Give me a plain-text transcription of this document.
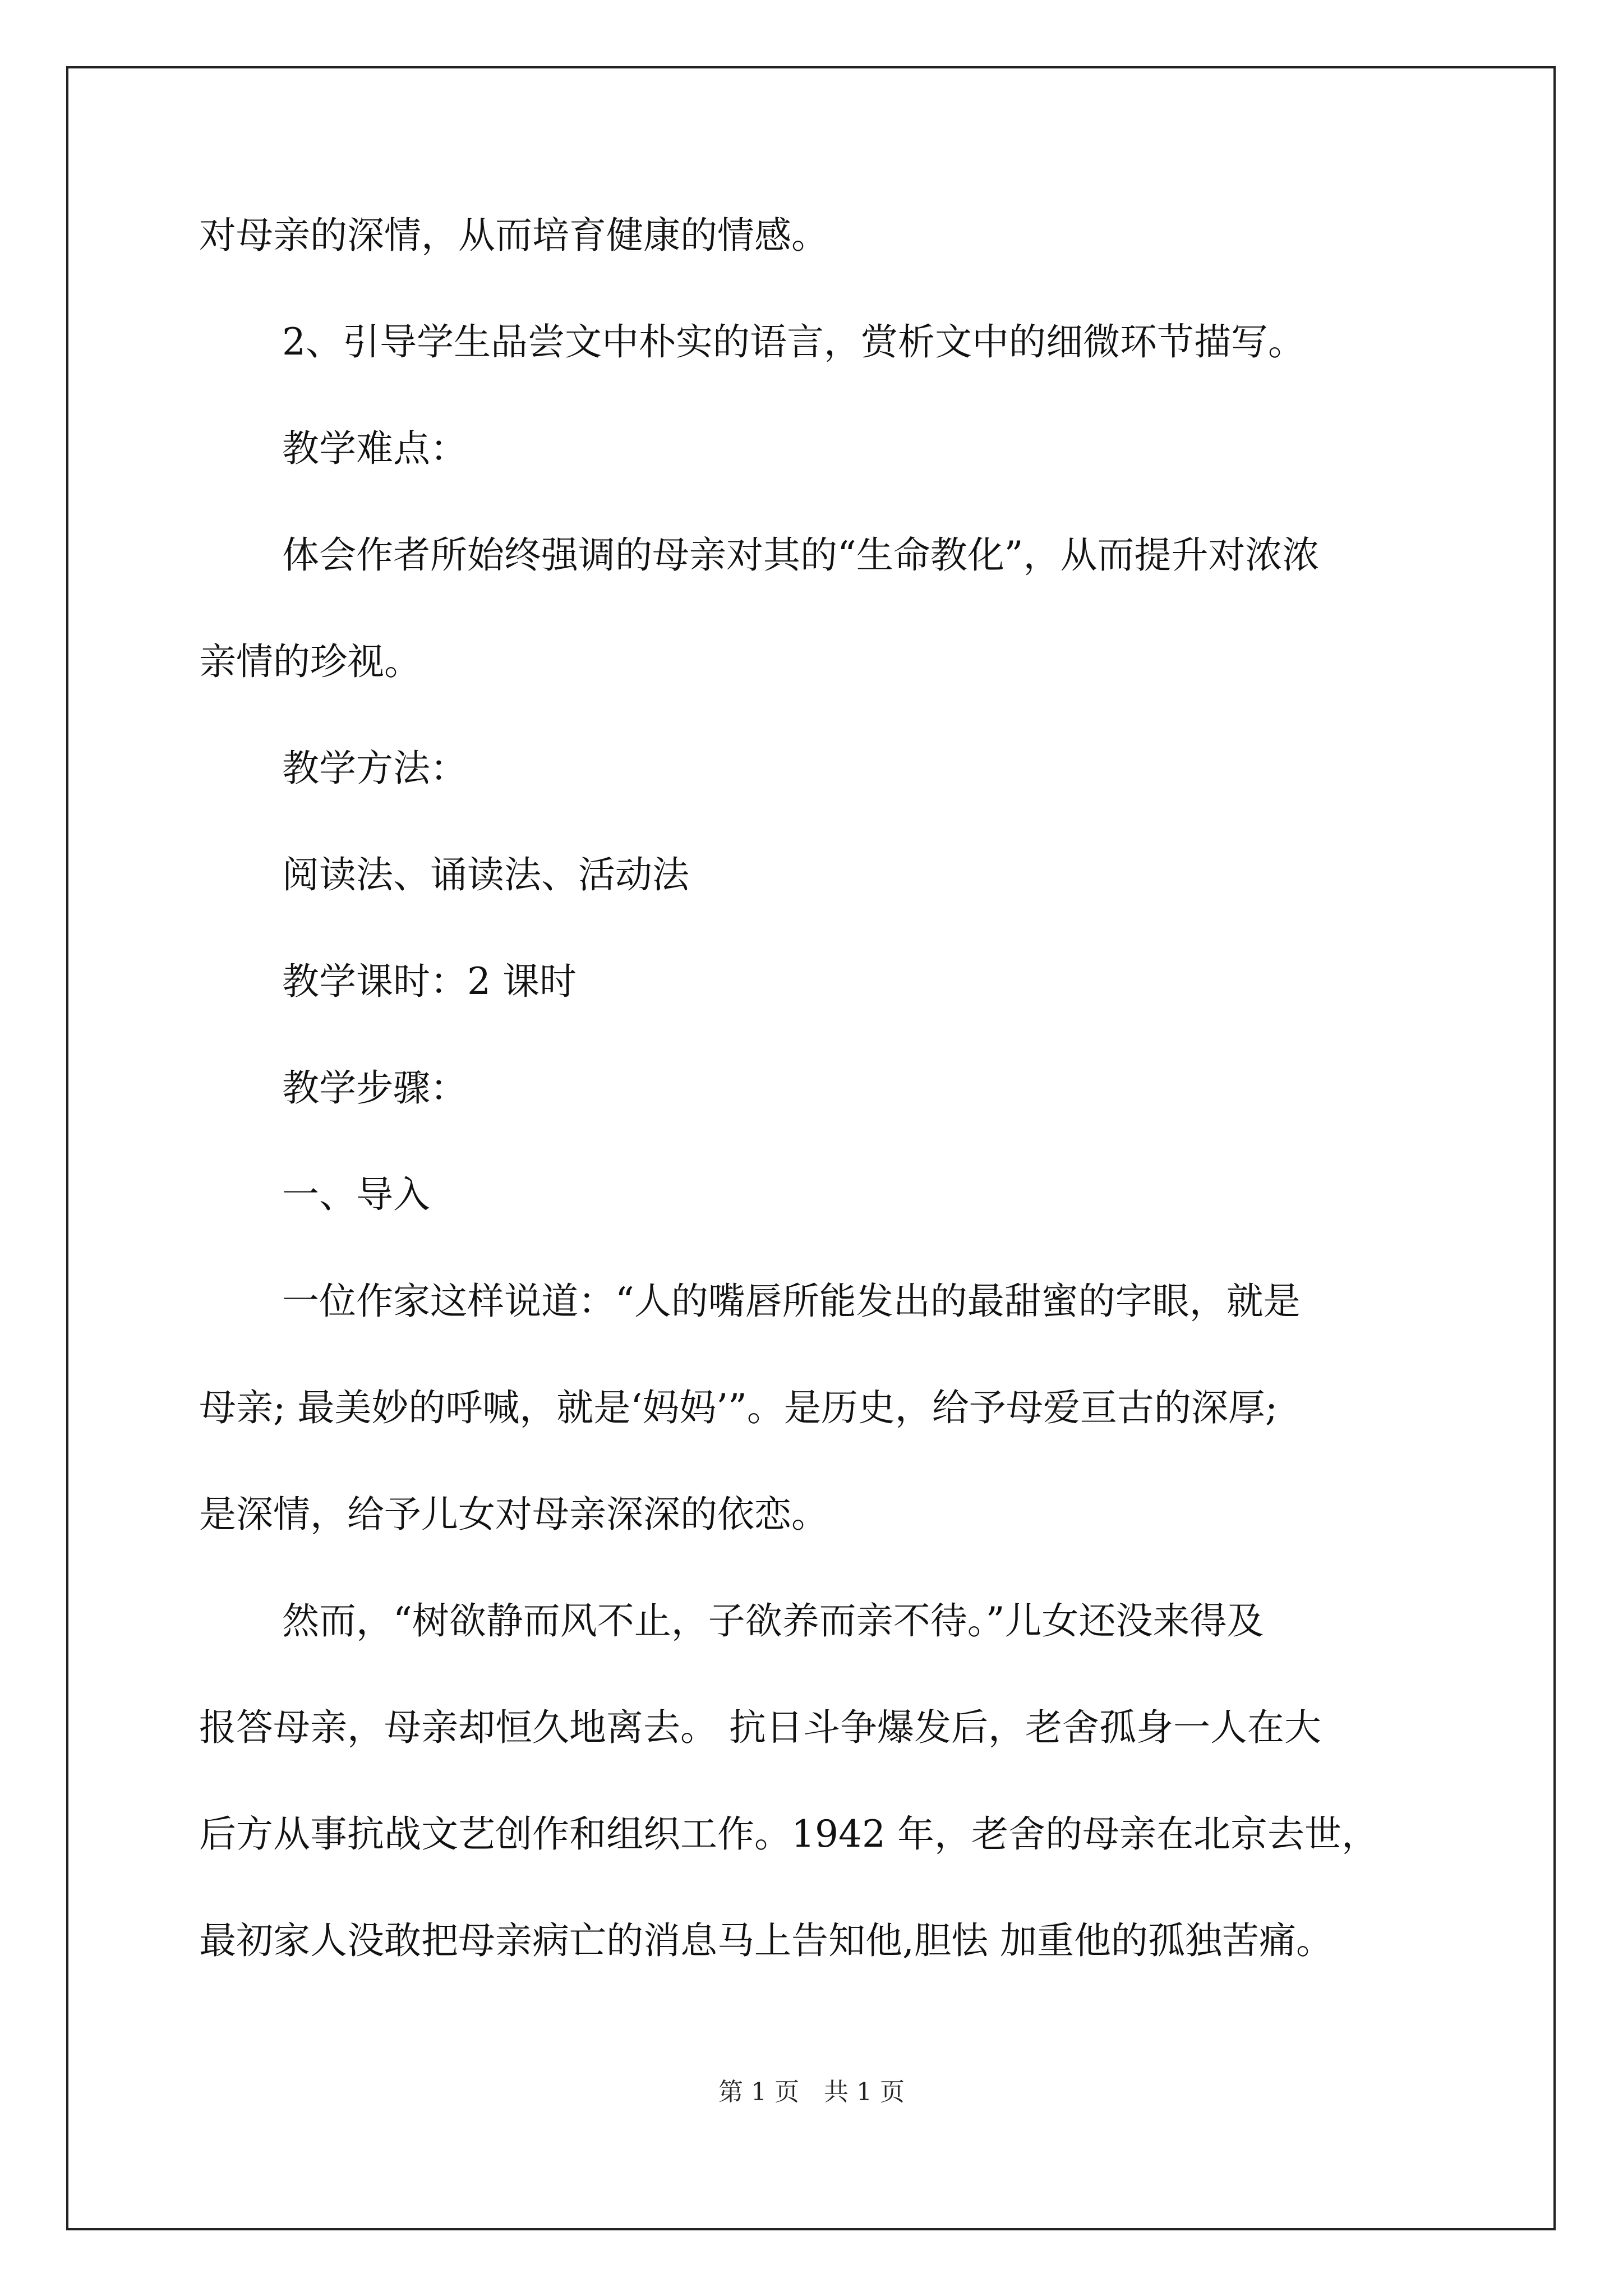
对母亲的深情，从而培育健康的情感。
2、引导学生品尝文中朴实的语言，赏析文中的细微环节描写。
教学难点：
体会作者所始终强调的母亲对其的“生命教化”，从而提升对浓浓
亲情的珍视。
教学方法：
阅读法、诵读法、活动法
教学课时：2 课时
教学步骤：
一、导入
一位作家这样说道：“人的嘴唇所能发出的最甜蜜的字眼，就是
母亲; 最美妙的呼喊，就是‘妈妈’”。是历史，给予母爱亘古的深厚;
是深情，给予儿女对母亲深深的依恋。
然而，“树欲静而风不止，子欲养而亲不待。”儿女还没来得及
报答母亲，母亲却恒久地离去。 抗日斗争爆发后，老舍孤身一人在大
后方从事抗战文艺创作和组织工作。1942 年，老舍的母亲在北京去世，
最初家人没敢把母亲病亡的消息马上告知他,胆怯 加重他的孤独苦痛。
第 1 页　共 1 页
